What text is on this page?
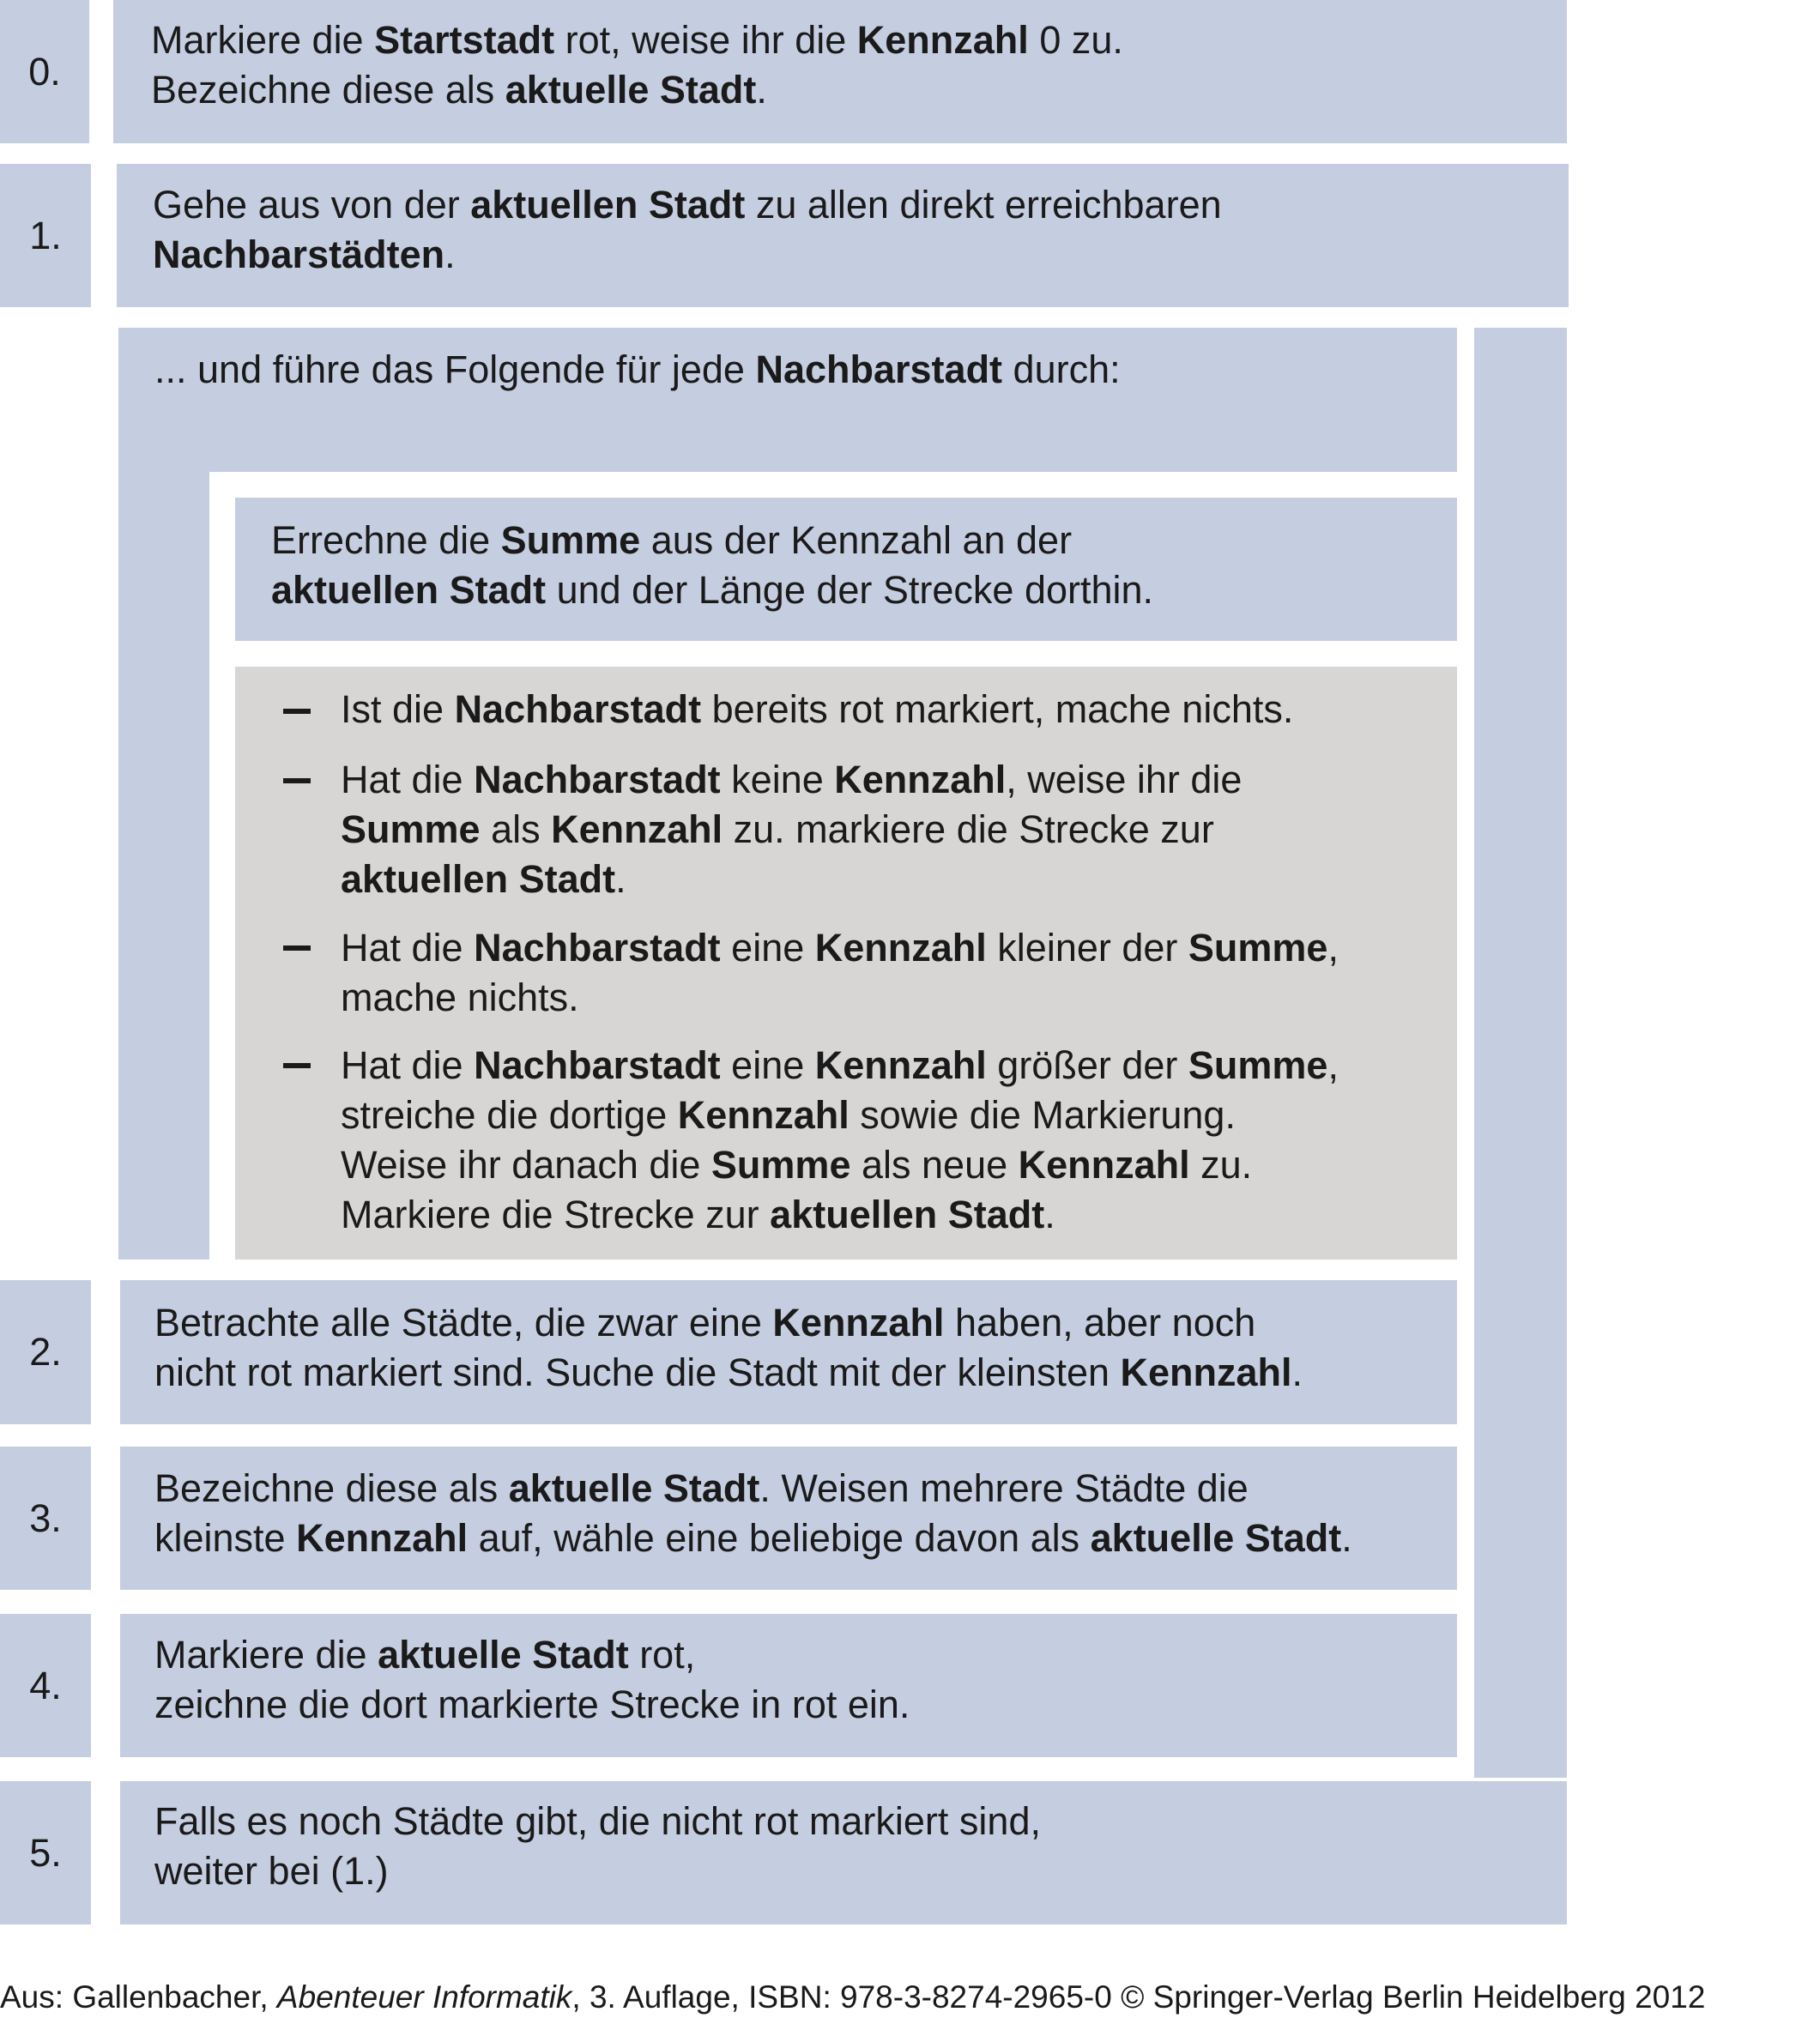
0.
Markiere die Startstadt rot, weise ihr die Kennzahl 0 zu.
Bezeichne diese als aktuelle Stadt.
1.
Gehe aus von der aktuellen Stadt zu allen direkt erreichbaren
Nachbarstädten.
... und führe das Folgende für jede Nachbarstadt durch:
Errechne die Summe aus der Kennzahl an der
aktuellen Stadt und der Länge der Strecke dorthin.
Ist die Nachbarstadt bereits rot markiert, mache nichts.
Hat die Nachbarstadt keine Kennzahl, weise ihr die
Summe als Kennzahl zu. markiere die Strecke zur
aktuellen Stadt.
Hat die Nachbarstadt eine Kennzahl kleiner der Summe,
mache nichts.
Hat die Nachbarstadt eine Kennzahl größer der Summe,
streiche die dortige Kennzahl sowie die Markierung.
Weise ihr danach die Summe als neue Kennzahl zu.
Markiere die Strecke zur aktuellen Stadt.
2.
Betrachte alle Städte, die zwar eine Kennzahl haben, aber noch
nicht rot markiert sind. Suche die Stadt mit der kleinsten Kennzahl.
3.
Bezeichne diese als aktuelle Stadt. Weisen mehrere Städte die
kleinste Kennzahl auf, wähle eine beliebige davon als aktuelle Stadt.
4.
Markiere die aktuelle Stadt rot,
zeichne die dort markierte Strecke in rot ein.
5.
Falls es noch Städte gibt, die nicht rot markiert sind,
weiter bei (1.)
Aus: Gallenbacher, Abenteuer Informatik, 3. Auflage, ISBN: 978-3-8274-2965-0 © Springer-Verlag Berlin Heidelberg 2012
